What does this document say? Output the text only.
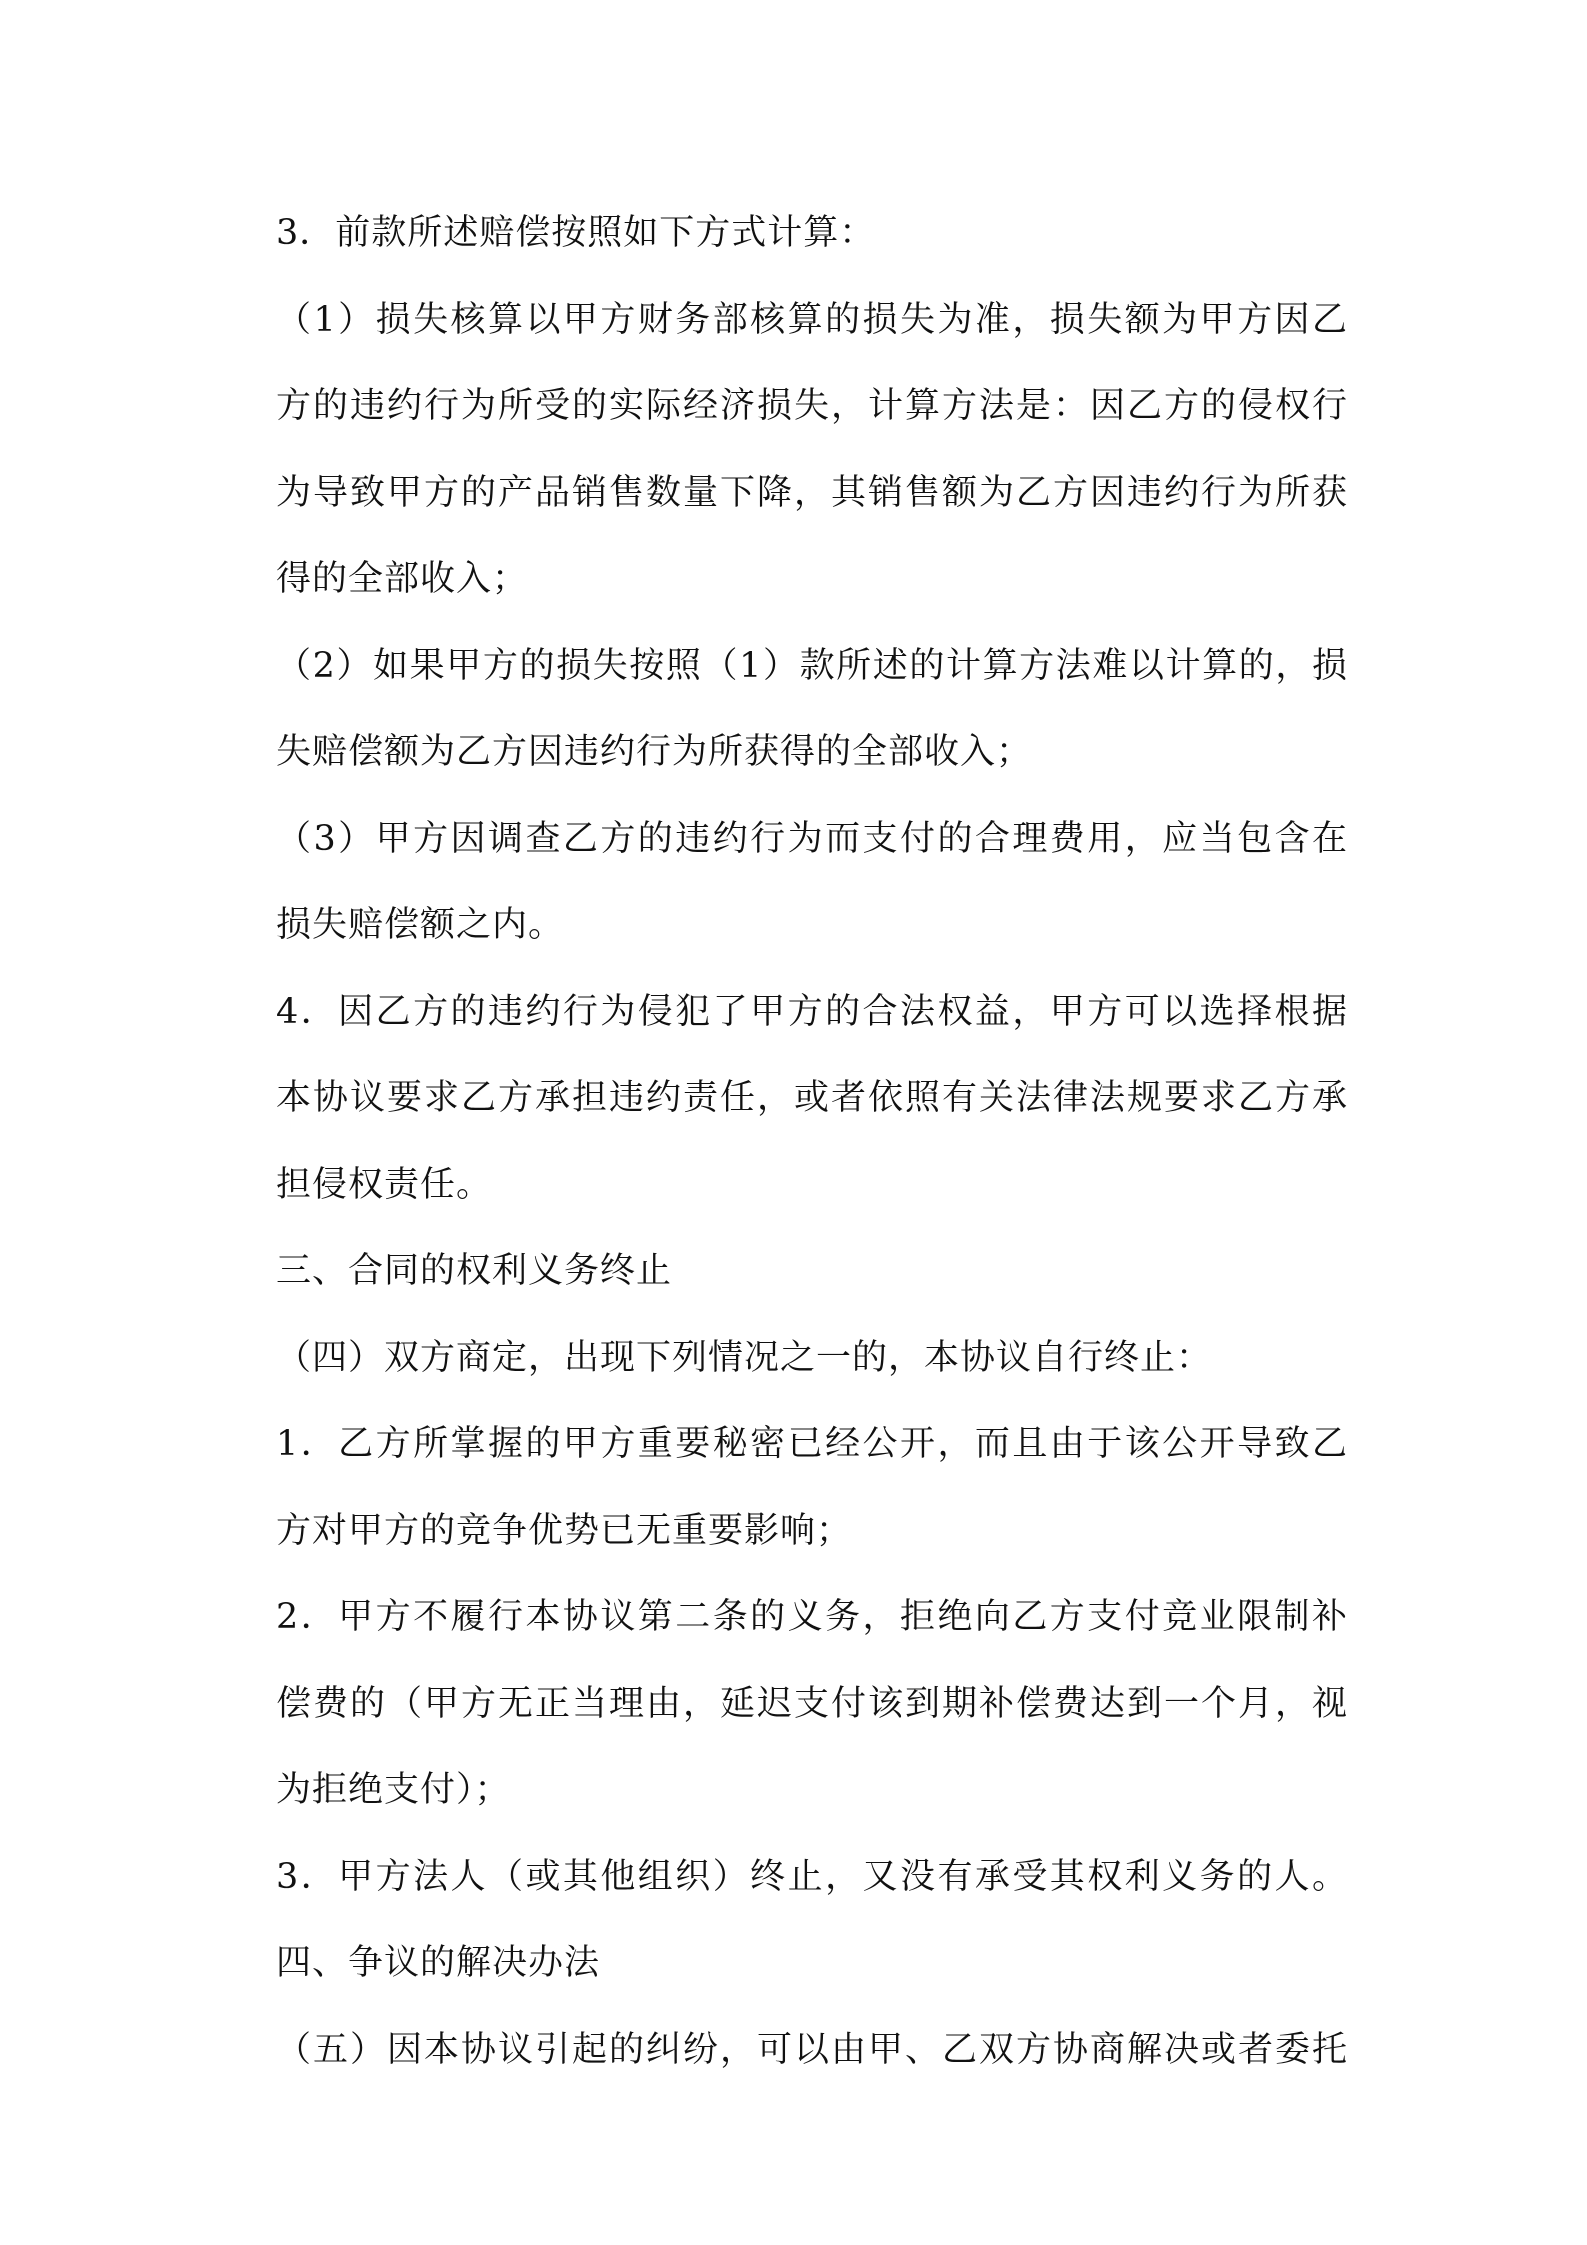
3．前款所述赔偿按照如下方式计算：
（1）损失核算以甲方财务部核算的损失为准，损失额为甲方因乙
方的违约行为所受的实际经济损失，计算方法是：因乙方的侵权行
为导致甲方的产品销售数量下降，其销售额为乙方因违约行为所获
得的全部收入；
（2）如果甲方的损失按照（1）款所述的计算方法难以计算的，损
失赔偿额为乙方因违约行为所获得的全部收入；
（3）甲方因调查乙方的违约行为而支付的合理费用，应当包含在
损失赔偿额之内。
4．因乙方的违约行为侵犯了甲方的合法权益，甲方可以选择根据
本协议要求乙方承担违约责任，或者依照有关法律法规要求乙方承
担侵权责任。
三、合同的权利义务终止
（四）双方商定，出现下列情况之一的，本协议自行终止：
1．乙方所掌握的甲方重要秘密已经公开，而且由于该公开导致乙
方对甲方的竞争优势已无重要影响；
2．甲方不履行本协议第二条的义务，拒绝向乙方支付竞业限制补
偿费的（甲方无正当理由，延迟支付该到期补偿费达到一个月，视
为拒绝支付）；
3．甲方法人（或其他组织）终止，又没有承受其权利义务的人。
四、争议的解决办法
（五）因本协议引起的纠纷，可以由甲、乙双方协商解决或者委托
